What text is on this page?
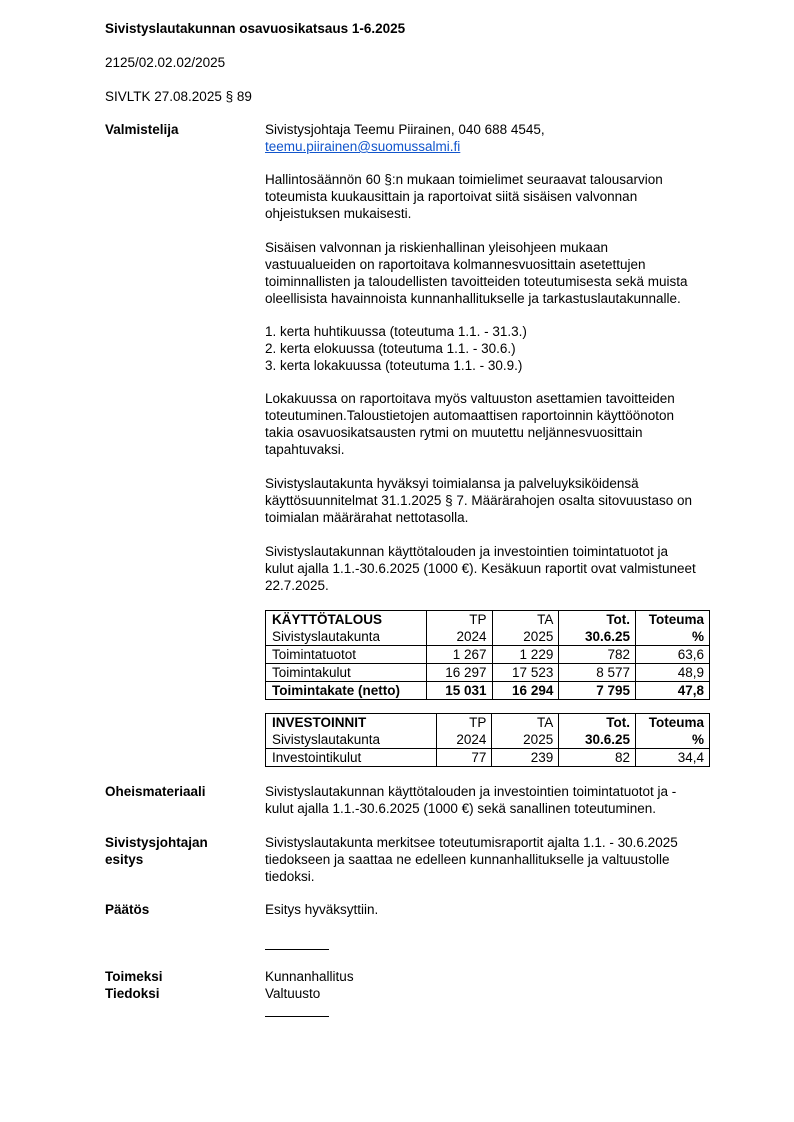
Sivistyslautakunnan osavuosikatsaus 1-6.2025
2125/02.02.02/2025
SIVLTK 27.08.2025 § 89
Valmistelija	Sivistysjohtaja Teemu Piirainen, 040 688 4545,
teemu.piirainen@suomussalmi.fi
Hallintosäännön 60 §:n mukaan toimielimet seuraavat talousarvion
toteumista kuukausittain ja raportoivat siitä sisäisen valvonnan
ohjeistuksen mukaisesti.
Sisäisen valvonnan ja riskienhallinan yleisohjeen mukaan
vastuualueiden on raportoitava kolmannesvuosittain asetettujen
toiminnallisten ja taloudellisten tavoitteiden toteutumisesta sekä muista
oleellisista havainnoista kunnanhallitukselle ja tarkastuslautakunnalle.
1. kerta huhtikuussa (toteutuma 1.1. - 31.3.)
2. kerta elokuussa (toteutuma 1.1. - 30.6.)
3. kerta lokakuussa (toteutuma 1.1. - 30.9.)
Lokakuussa on raportoitava myös valtuuston asettamien tavoitteiden
toteutuminen.Taloustietojen automaattisen raportoinnin käyttöönoton
takia osavuosikatsausten rytmi on muutettu neljännesvuosittain
tapahtuvaksi.
Sivistyslautakunta hyväksyi toimialansa ja palveluyksiköidensä
käyttösuunnitelmat 31.1.2025 § 7. Määrärahojen osalta sitovuustaso on
toimialan määrärahat nettotasolla.
Sivistyslautakunnan käyttötalouden ja investointien toimintatuotot ja
kulut ajalla 1.1.-30.6.2025 (1000 €). Kesäkuun raportit ovat valmistuneet
22.7.2025.
KÄYTTÖTALOUS	TP	TA	Tot.	Toteuma
Sivistyslautakunta	2024	2025	30.6.25	%
Toimintatuotot	1 267	1 229	782	63,6
Toimintakulut	16 297	17 523	8 577	48,9
Toimintakate (netto)	15 031	16 294	7 795	47,8
INVESTOINNIT	TP	TA	Tot.	Toteuma
Sivistyslautakunta	2024	2025	30.6.25	%
Investointikulut	77	239	82	34,4
Oheismateriaali	Sivistyslautakunnan käyttötalouden ja investointien toimintatuotot ja -
kulut ajalla 1.1.-30.6.2025 (1000 €) sekä sanallinen toteutuminen.
Sivistysjohtajan
esitys
Sivistyslautakunta merkitsee toteutumisraportit ajalta 1.1. - 30.6.2025
tiedokseen ja saattaa ne edelleen kunnanhallitukselle ja valtuustolle
tiedoksi.
Päätös	Esitys hyväksyttiin.
Toimeksi	Kunnanhallitus
Tiedoksi	Valtuusto
